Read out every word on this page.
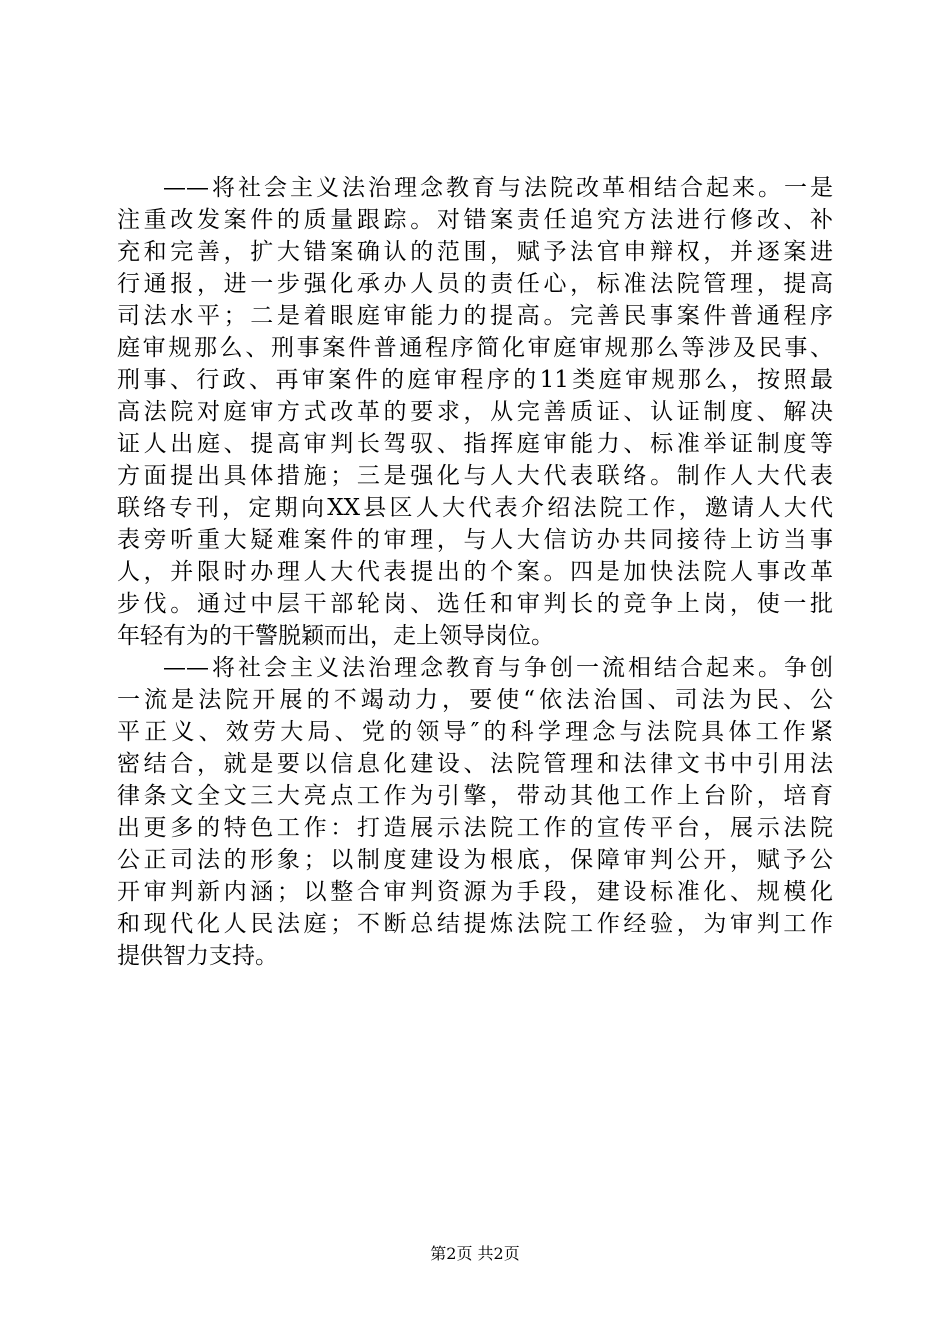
——将社会主义法治理念教育与法院改革相结合起来。一是
注重改发案件的质量跟踪。对错案责任追究方法进行修改、补
充和完善，扩大错案确认的范围，赋予法官申辩权，并逐案进
行通报，进一步强化承办人员的责任心，标准法院管理，提高
司法水平；二是着眼庭审能力的提高。完善民事案件普通程序
庭审规那么、刑事案件普通程序简化审庭审规那么等涉及民事、
刑事、行政、再审案件的庭审程序的11类庭审规那么，按照最
高法院对庭审方式改革的要求，从完善质证、认证制度、解决
证人出庭、提高审判长驾驭、指挥庭审能力、标准举证制度等
方面提出具体措施；三是强化与人大代表联络。制作人大代表
联络专刊，定期向XX县区人大代表介绍法院工作，邀请人大代
表旁听重大疑难案件的审理，与人大信访办共同接待上访当事
人，并限时办理人大代表提出的个案。四是加快法院人事改革
步伐。通过中层干部轮岗、选任和审判长的竞争上岗，使一批
年轻有为的干警脱颖而出，走上领导岗位。
——将社会主义法治理念教育与争创一流相结合起来。争创
一流是法院开展的不竭动力，要使“依法治国、司法为民、公
平正义、效劳大局、党的领导″的科学理念与法院具体工作紧
密结合，就是要以信息化建设、法院管理和法律文书中引用法
律条文全文三大亮点工作为引擎，带动其他工作上台阶，培育
出更多的特色工作：打造展示法院工作的宣传平台，展示法院
公正司法的形象；以制度建设为根底，保障审判公开，赋予公
开审判新内涵；以整合审判资源为手段，建设标准化、规模化
和现代化人民法庭；不断总结提炼法院工作经验，为审判工作
提供智力支持。
第2页 共2页
